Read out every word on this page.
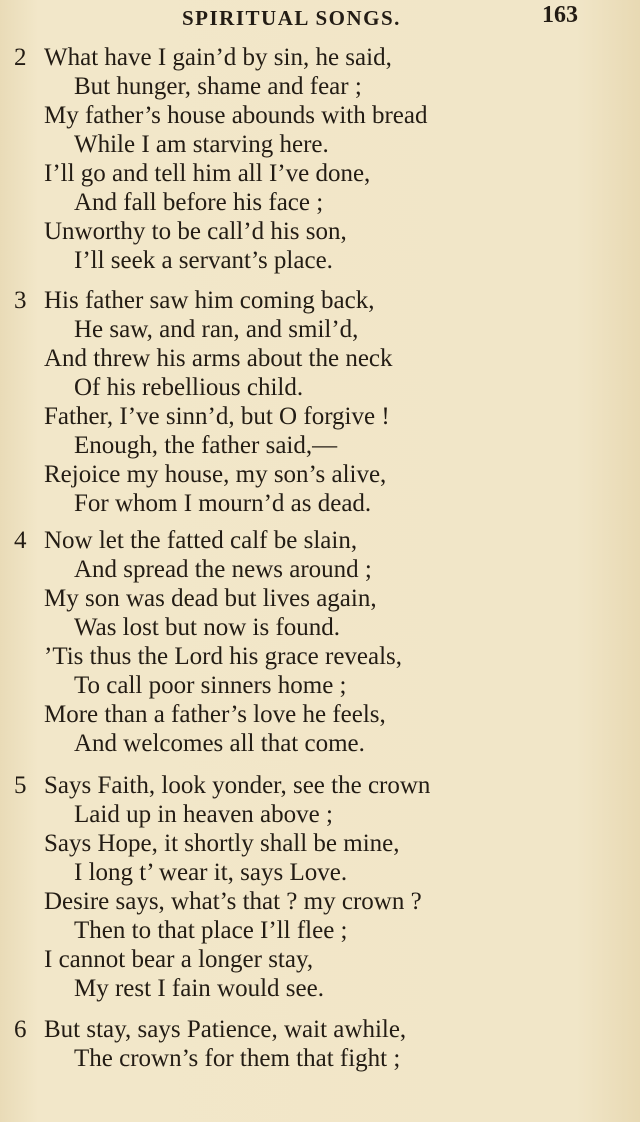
SPIRITUAL SONGS.	163
2 What have I gain’d by sin, he said,
But hunger, shame and fear ;
My father’s house abounds with bread
While I am starving here.
I’ll go and tell him all I’ve done,
And fall before his face ;
Unworthy to be call’d his son,
I’ll seek a servant’s place.
3 His father saw him coming back,
He saw, and ran, and smil’d,
And threw his arms about the neck
Of his rebellious child.
Father, I’ve sinn’d, but O forgive !
Enough, the father said,—
Rejoice my house, my son’s alive,
For whom I mourn’d as dead.
4 Now let the fatted calf be slain,
And spread the news around ;
My son was dead but lives again,
Was lost but now is found.
’Tis thus the Lord his grace reveals,
To call poor sinners home ;
More than a father’s love he feels,
And welcomes all that come.
5 Says Faith, look yonder, see the crown
Laid up in heaven above ;
Says Hope, it shortly shall be mine,
I long t’ wear it, says Love.
Desire says, what’s that ? my crown ?
Then to that place I’ll flee ;
I cannot bear a longer stay,
My rest I fain would see.
6 But stay, says Patience, wait awhile,
The crown’s for them that fight ;
